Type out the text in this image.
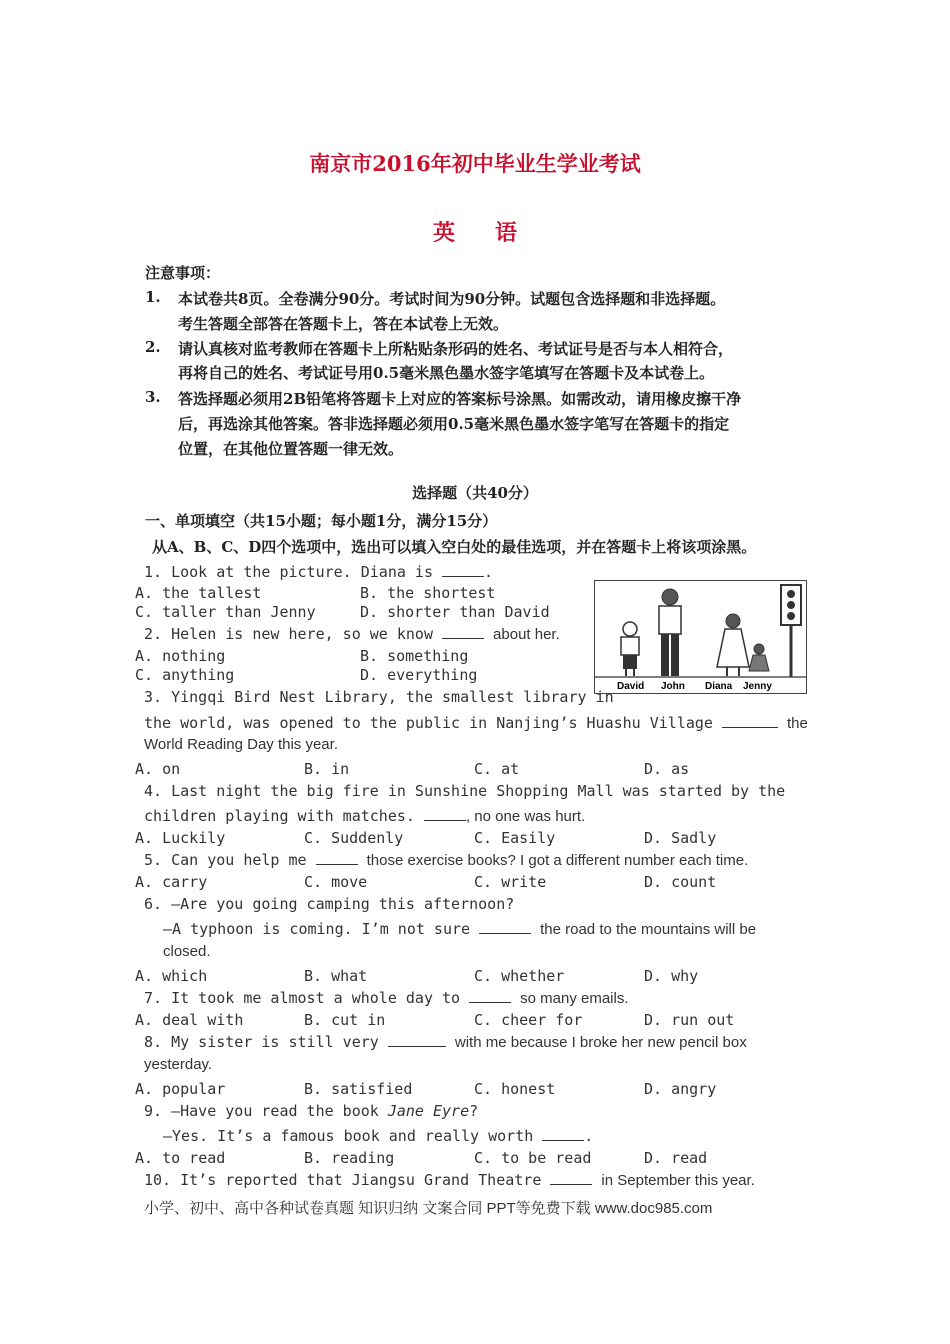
南京市2016年初中毕业生学业考试
英语
注意事项：
1. 本试卷共8页。全卷满分90分。考试时间为90分钟。试题包含选择题和非选择题。
考生答题全部答在答题卡上，答在本试卷上无效。
2. 请认真核对监考教师在答题卡上所粘贴条形码的姓名、考试证号是否与本人相符合，
再将自己的姓名、考试证号用0.5毫米黑色墨水签字笔填写在答题卡及本试卷上。
3. 答选择题必须用2B铅笔将答题卡上对应的答案标号涂黑。如需改动，请用橡皮擦干净
后，再选涂其他答案。答非选择题必须用0.5毫米黑色墨水签字笔写在答题卡的指定
位置，在其他位置答题一律无效。
选择题（共40分）
一、单项填空（共15小题；每小题1分，满分15分）
从A、B、C、D四个选项中，选出可以填入空白处的最佳选项，并在答题卡上将该项涂黑。
David John Diana Jenny
1. Look at the picture. Diana is	.
A. the tallest	B. the shortest
C. taller than Jenny	D. shorter than David
2. Helen is new here, so we know	about her.
A. nothing	B. something
C. anything	D. everything
3. Yingqi Bird Nest Library, the smallest library in
the world, was opened to the public in Nanjing’s Huashu Village	the
World Reading Day this year.
A. on	B. in	C. at	D. as
4. Last night the big fire in Sunshine Shopping Mall was started by the
children playing with matches.	, no one was hurt.
A. Luckily	C. Suddenly	C. Easily	D. Sadly
5. Can you help me	those exercise books? I got a different number each time.
A. carry	C. move	C. write	D. count
6. —Are you going camping this afternoon?
—A typhoon is coming. I’m not sure	the road to the mountains will be
closed.
A. which	B. what	C. whether	D. why
7. It took me almost a whole day to	so many emails.
A. deal with	B. cut in	C. cheer for	D. run out
8. My sister is still very	with me because I broke her new pencil box
yesterday.
A. popular	B. satisfied	C. honest	D. angry
9. —Have you read the book Jane Eyre?
—Yes. It’s a famous book and really worth	.
A. to read	B. reading	C. to be read	D. read
10. It’s reported that Jiangsu Grand Theatre	in September this year.
小学、初中、高中各种试卷真题 知识归纳 文案合同 PPT等免费下载 www.doc985.com
